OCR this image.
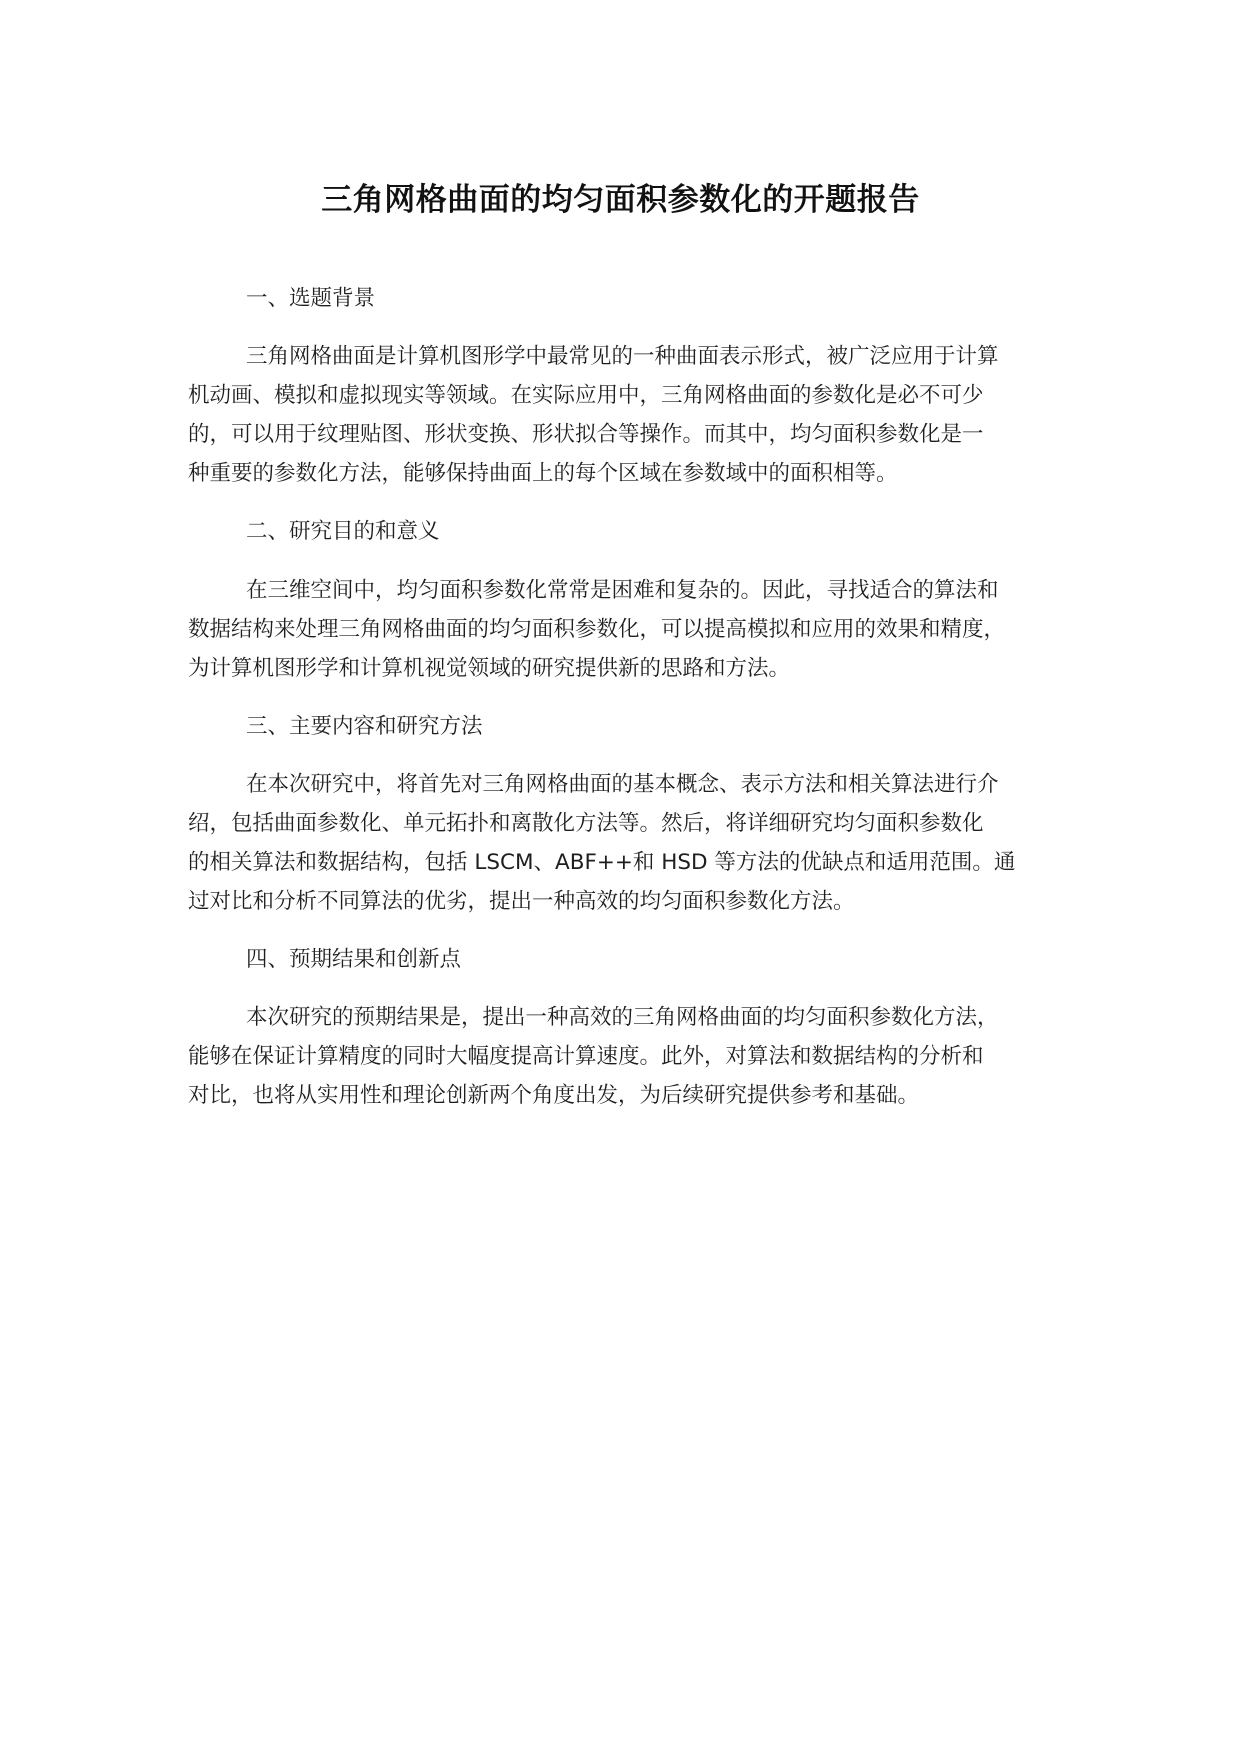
三角网格曲面的均匀面积参数化的开题报告
一、选题背景
三角网格曲面是计算机图形学中最常见的一种曲面表示形式，被广泛应用于计算
机动画、模拟和虚拟现实等领域。在实际应用中，三角网格曲面的参数化是必不可少
的，可以用于纹理贴图、形状变换、形状拟合等操作。而其中，均匀面积参数化是一
种重要的参数化方法，能够保持曲面上的每个区域在参数域中的面积相等。
二、研究目的和意义
在三维空间中，均匀面积参数化常常是困难和复杂的。因此，寻找适合的算法和
数据结构来处理三角网格曲面的均匀面积参数化，可以提高模拟和应用的效果和精度，
为计算机图形学和计算机视觉领域的研究提供新的思路和方法。
三、主要内容和研究方法
在本次研究中，将首先对三角网格曲面的基本概念、表示方法和相关算法进行介
绍，包括曲面参数化、单元拓扑和离散化方法等。然后，将详细研究均匀面积参数化
的相关算法和数据结构，包括 LSCM、ABF++和 HSD 等方法的优缺点和适用范围。通
过对比和分析不同算法的优劣，提出一种高效的均匀面积参数化方法。
四、预期结果和创新点
本次研究的预期结果是，提出一种高效的三角网格曲面的均匀面积参数化方法，
能够在保证计算精度的同时大幅度提高计算速度。此外，对算法和数据结构的分析和
对比，也将从实用性和理论创新两个角度出发，为后续研究提供参考和基础。
